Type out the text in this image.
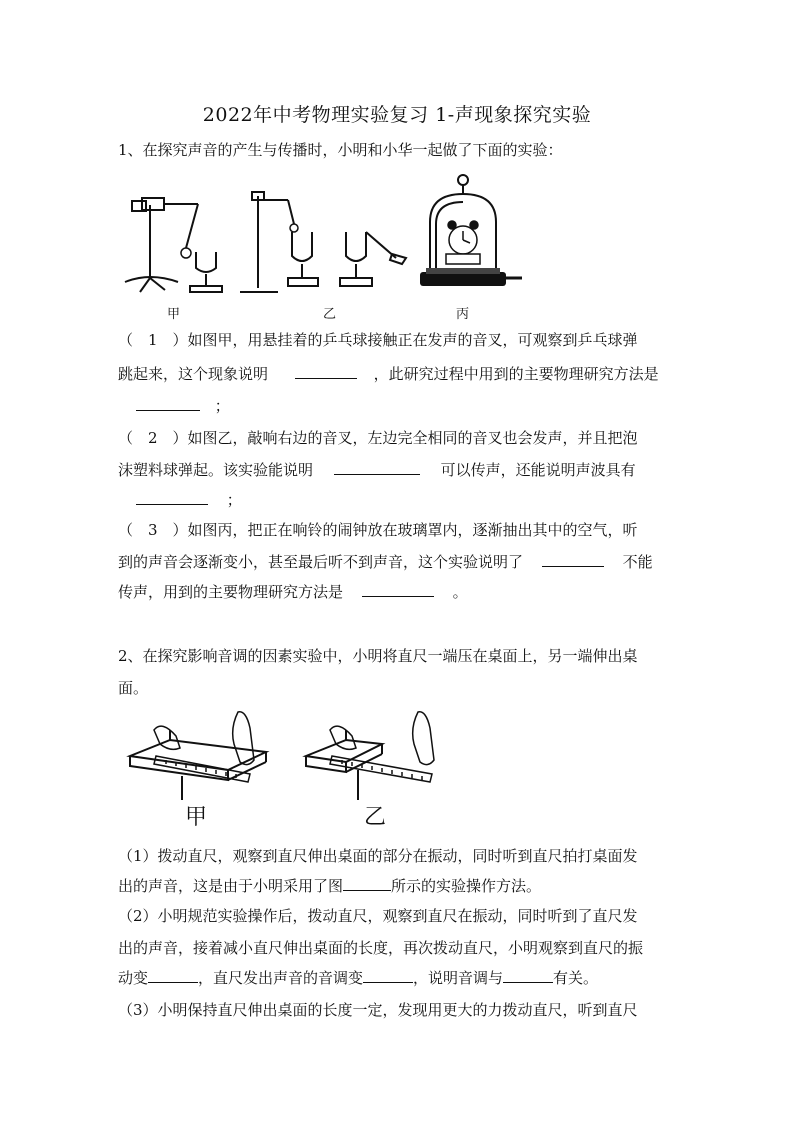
2022年中考物理实验复习 1-声现象探究实验
1、在探究声音的产生与传播时，小明和小华一起做了下面的实验：
甲	乙	丙
（　1　）如图甲，用悬挂着的乒乓球接触正在发声的音叉，可观察到乒乓球弹
跳起来，这个现象说明	，此研究过程中用到的主要物理研究方法是
；
（　2　）如图乙，敲响右边的音叉，左边完全相同的音叉也会发声，并且把泡
沫塑料球弹起。该实验能说明	可以传声，还能说明声波具有
；
（　3　）如图丙，把正在响铃的闹钟放在玻璃罩内，逐渐抽出其中的空气，听
到的声音会逐渐变小，甚至最后听不到声音，这个实验说明了	不能
传声，用到的主要物理研究方法是	。
2、在探究影响音调的因素实验中，小明将直尺一端压在桌面上，另一端伸出桌
面。
甲	乙
（1）拨动直尺，观察到直尺伸出桌面的部分在振动，同时听到直尺拍打桌面发
出的声音，这是由于小明采用了图	所示的实验操作方法。
（2）小明规范实验操作后，拨动直尺，观察到直尺在振动，同时听到了直尺发
出的声音，接着减小直尺伸出桌面的长度，再次拨动直尺，小明观察到直尺的振
动变	，直尺发出声音的音调变	，说明音调与	有关。
（3）小明保持直尺伸出桌面的长度一定，发现用更大的力拨动直尺，听到直尺
